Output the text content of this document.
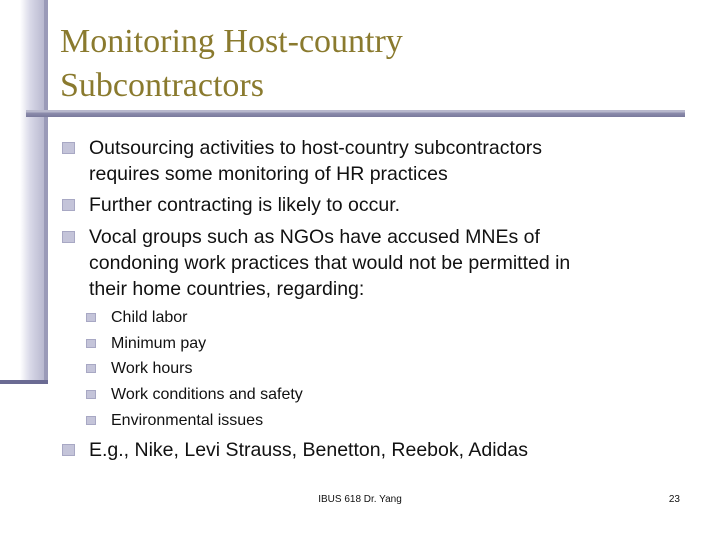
Monitoring Host-country
Subcontractors
Outsourcing activities to host-country subcontractors
requires some monitoring of HR practices
Further contracting is likely to occur.
Vocal groups such as NGOs have accused MNEs of
condoning work practices that would not be permitted in
their home countries, regarding:
Child labor
Minimum pay
Work hours
Work conditions and safety
Environmental issues
E.g., Nike, Levi Strauss, Benetton, Reebok, Adidas
IBUS 618 Dr. Yang	23
